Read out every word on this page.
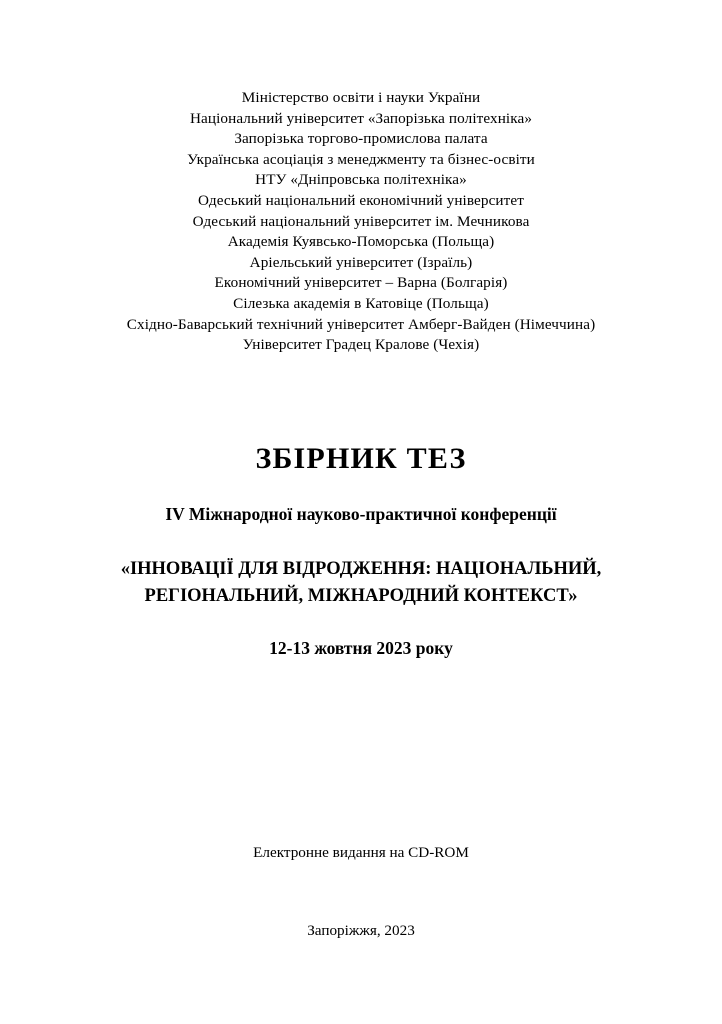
Міністерство освіти і науки України
Національний університет «Запорізька політехніка»
Запорізька торгово-промислова палата
Українська асоціація з менеджменту та бізнес-освіти
НТУ «Дніпровська політехніка»
Одеський національний економічний університет
Одеський національний університет ім. Мечникова
Академія Куявсько-Поморська (Польща)
Аріельський університет (Ізраїль)
Економічний університет – Варна (Болгарія)
Сілезька академія в Катовіце (Польща)
Східно-Баварський технічний університет Амберг-Вайден (Німеччина)
Університет Градец Кралове (Чехія)
ЗБІРНИК ТЕЗ
IV Міжнародної науково-практичної конференції
«ІННОВАЦІЇ ДЛЯ ВІДРОДЖЕННЯ: НАЦІОНАЛЬНИЙ, РЕГІОНАЛЬНИЙ, МІЖНАРОДНИЙ КОНТЕКСТ»
12-13 жовтня 2023 року
Електронне видання на CD-ROM
Запоріжжя, 2023
